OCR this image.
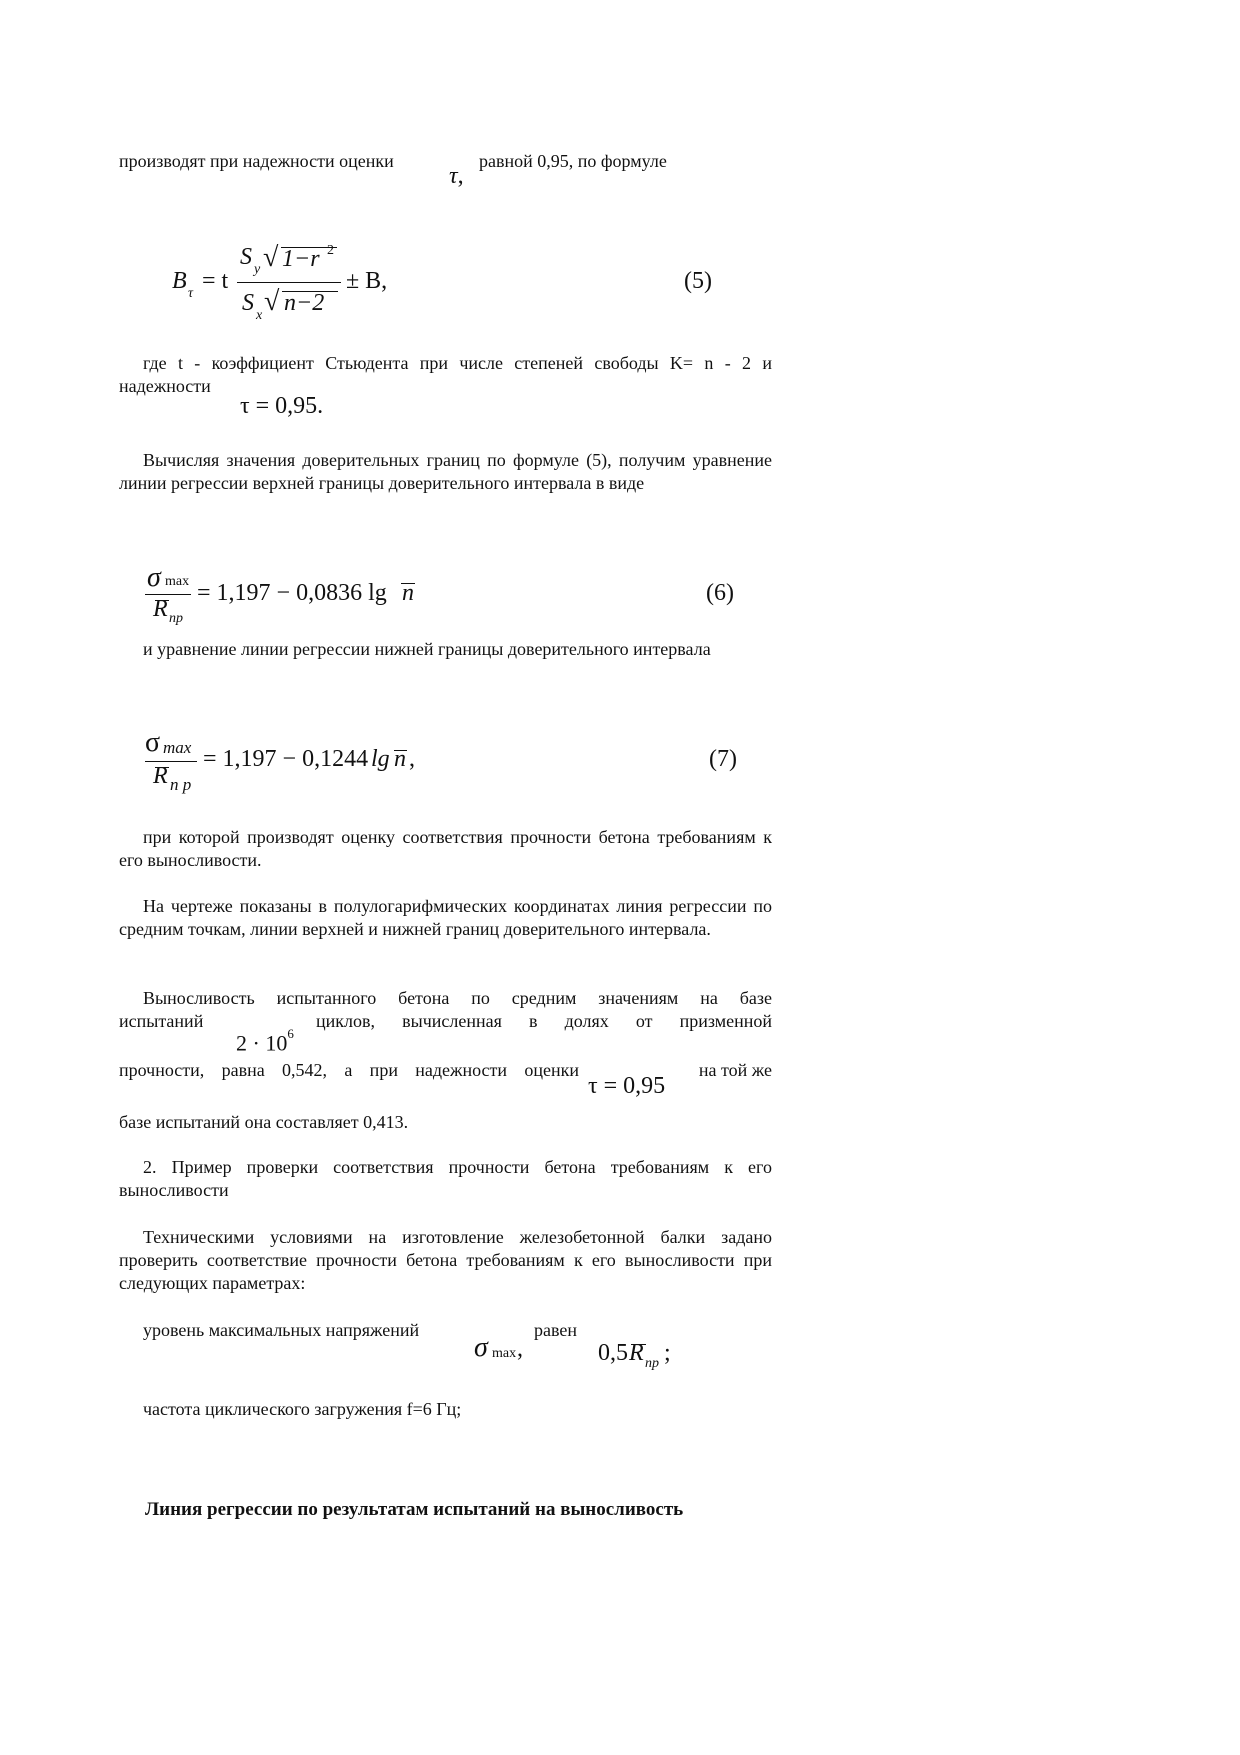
производят при надежности оценки
τ,
равной 0,95, по формуле
B τ = t
S y √ 1−r 2
S x √ n−2
± B,	(5)

где t - коэффициент Стьюдента при числе степеней свободы K= n - 2 и надежности

τ = 0,95.

Вычисляя значения доверительных границ по формуле (5), получим уравнение линии регрессии верхней границы доверительного интервала в виде

σ max
R пр
= 1,197 − 0,0836 lg n	(6)

и уравнение линии регрессии нижней границы доверительного интервала

σ max
R n p
= 1,197 − 0,1244 lg n ,	(7)

при которой производят оценку соответствия прочности бетона требованиям к его выносливости.

На чертеже показаны в полулогарифмических координатах линия регрессии по средним точкам, линии верхней и нижней границ доверительного интервала.

Выносливость испытанного бетона по средним значениям на базе
испытаний	циклов, вычисленная в долях от призменной
$2 \cdot 10^6$
прочности, равна 0,542, а при надежности оценки
τ = 0,95
на той же
базе испытаний она составляет 0,413.

2. Пример проверки соответствия прочности бетона требованиям к его выносливости

Техническими условиями на изготовление железобетонной балки задано проверить соответствие прочности бетона требованиям к его выносливости при следующих параметрах:

уровень максимальных напряжений	равен
σ max ,	0,5 R пр ;
частота циклического загружения f=6 Гц;
Линия регрессии по результатам испытаний на выносливость
